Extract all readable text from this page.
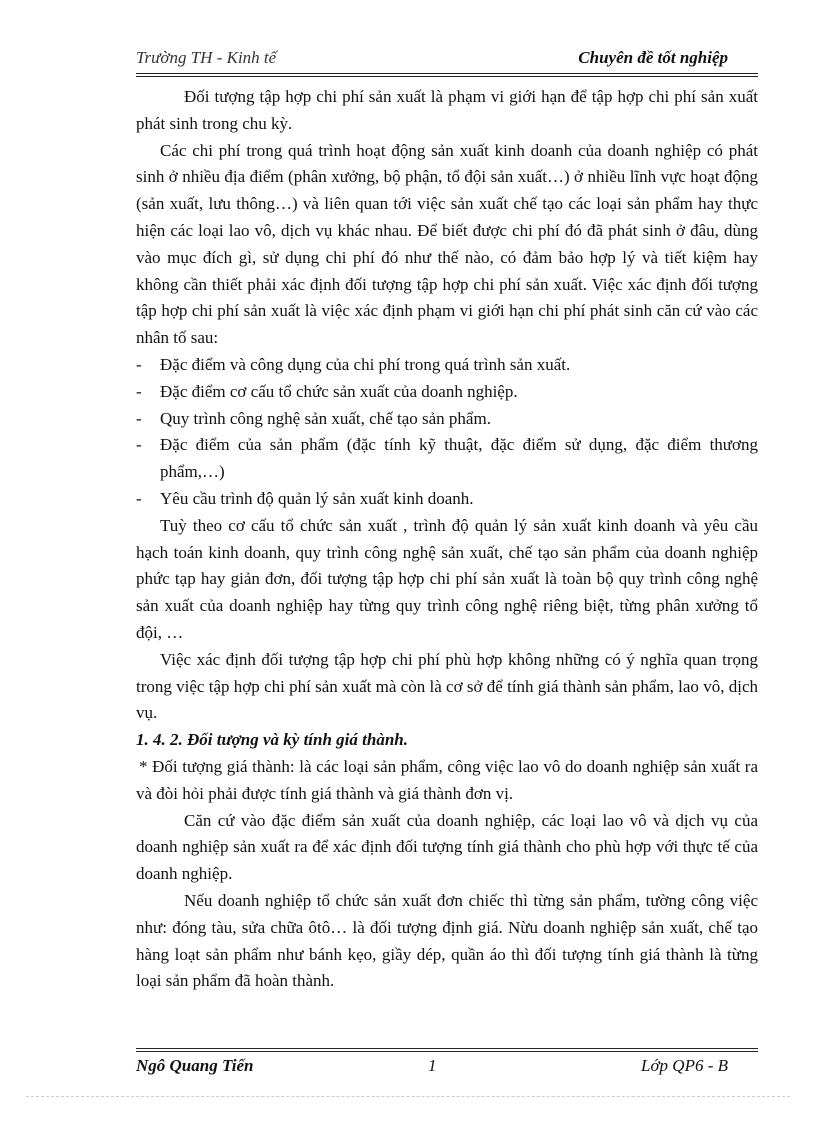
Trường TH - Kinh tế	Chuyên đề tốt nghiệp

Đối tượng tập hợp chi phí sản xuất là phạm vi giới hạn để tập hợp chi phí sản xuất phát sinh trong chu kỳ.

Các chi phí trong quá trình hoạt động sản xuất kinh doanh của doanh nghiệp có phát sinh ở nhiều địa điểm (phân xưởng, bộ phận, tổ đội sản xuất…) ở nhiều lĩnh vực hoạt động (sản xuất, lưu thông…) và liên quan tới việc sản xuất chế tạo các loại sản phẩm hay thực hiện các loại lao vô, dịch vụ khác nhau. Để biết được chi phí đó đã phát sinh ở đâu, dùng vào mục đích gì, sử dụng chi phí đó như thế nào, có đảm bảo hợp lý và tiết kiệm hay không cần thiết phải xác định đối tượng tập hợp chi phí sản xuất. Việc xác định đối tượng tập hợp chi phí sản xuất là việc xác định phạm vi giới hạn chi phí phát sinh căn cứ vào các nhân tố sau:

- Đặc điểm và công dụng của chi phí trong quá trình sản xuất.
- Đặc điểm cơ cấu tổ chức sản xuất của doanh nghiệp.
- Quy trình công nghệ sản xuất, chế tạo sản phẩm.
- Đặc điểm của sản phẩm (đặc tính kỹ thuật, đặc điểm sử dụng, đặc điểm thương phẩm,…)
- Yêu cầu trình độ quản lý sản xuất kinh doanh.

Tuỳ theo cơ cấu tổ chức sản xuất , trình độ quản lý sản xuất kinh doanh và yêu cầu hạch toán kinh doanh, quy trình công nghệ sản xuất, chế tạo sản phẩm của doanh nghiệp phức tạp hay giản đơn, đối tượng tập hợp chi phí sản xuất là toàn bộ quy trình công nghệ sản xuất của doanh nghiệp hay từng quy trình công nghệ riêng biệt, từng phân xưởng tổ đội, …

Việc xác định đối tượng tập hợp chi phí phù hợp không những có ý nghĩa quan trọng trong việc tập hợp chi phí sản xuất mà còn là cơ sở để tính giá thành sản phẩm, lao vô, dịch vụ.

1. 4. 2. Đối tượng và kỳ tính giá thành.

* Đối tượng giá thành: là các loại sản phẩm, công việc lao vô do doanh nghiệp sản xuất ra và đòi hỏi phải được tính giá thành và giá thành đơn vị.

Căn cứ vào đặc điểm sản xuất của doanh nghiệp, các loại lao vô và dịch vụ của doanh nghiệp sản xuất ra để xác định đối tượng tính giá thành cho phù hợp với thực tế của doanh nghiệp.

Nếu doanh nghiệp tổ chức sản xuất đơn chiếc thì từng sản phẩm, tường công việc như: đóng tàu, sửa chữa ôtô… là đối tượng định giá. Nừu doanh nghiệp sản xuất, chế tạo hàng loạt sản phẩm như bánh kẹo, giầy dép, quần áo thì đối tượng tính giá thành là từng loại sản phẩm đã hoàn thành.

Ngô Quang Tiến	1	Lớp QP6 - B
